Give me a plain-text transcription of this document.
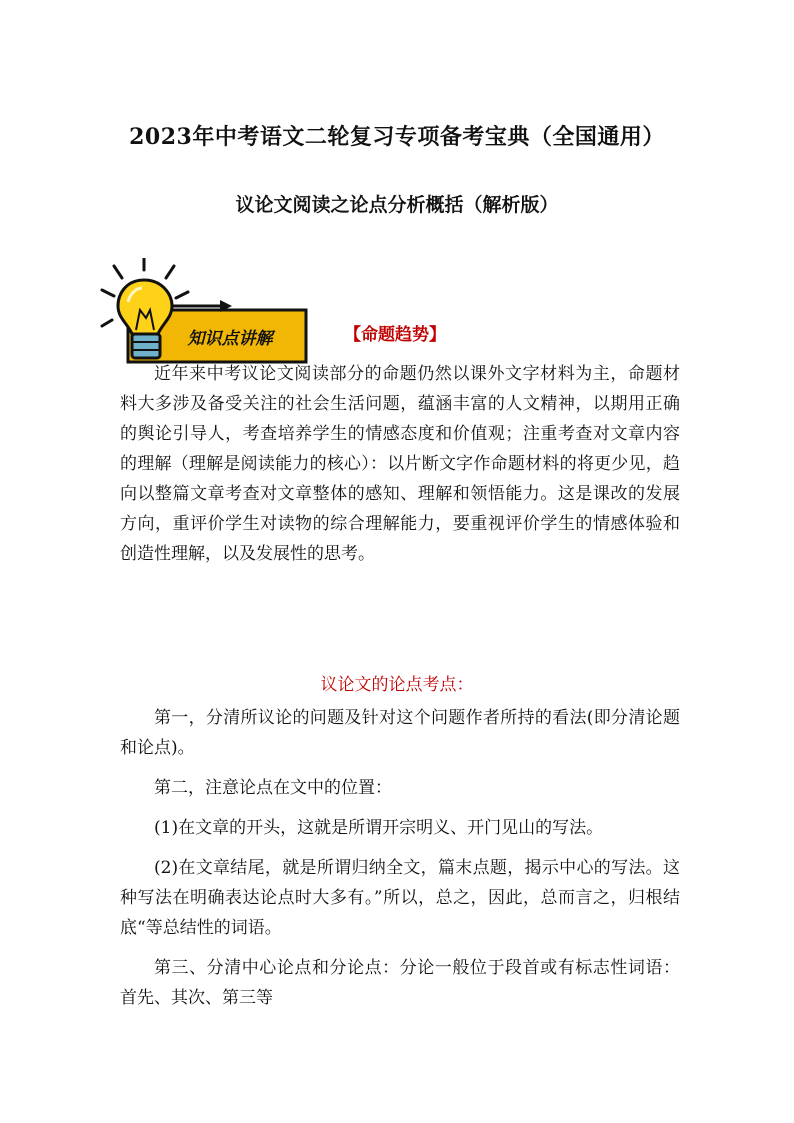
2023年中考语文二轮复习专项备考宝典（全国通用）
议论文阅读之论点分析概括（解析版）
知识点讲解	【命题趋势】
近年来中考议论文阅读部分的命题仍然以课外文字材料为主，命题材料大多涉及备受关注的社会生活问题，蕴涵丰富的人文精神，以期用正确的舆论引导人，考查培养学生的情感态度和价值观；注重考查对文章内容的理解（理解是阅读能力的核心）：以片断文字作命题材料的将更少见，趋向以整篇文章考查对文章整体的感知、理解和领悟能力。这是课改的发展方向，重评价学生对读物的综合理解能力，要重视评价学生的情感体验和创造性理解，以及发展性的思考。
议论文的论点考点：

第一，分清所议论的问题及针对这个问题作者所持的看法(即分清论题和论点)。

第二，注意论点在文中的位置：

(1)在文章的开头，这就是所谓开宗明义、开门见山的写法。

(2)在文章结尾，就是所谓归纳全文，篇末点题，揭示中心的写法。这种写法在明确表达论点时大多有。”所以，总之，因此，总而言之，归根结底“等总结性的词语。

第三、分清中心论点和分论点：分论一般位于段首或有标志性词语：首先、其次、第三等
